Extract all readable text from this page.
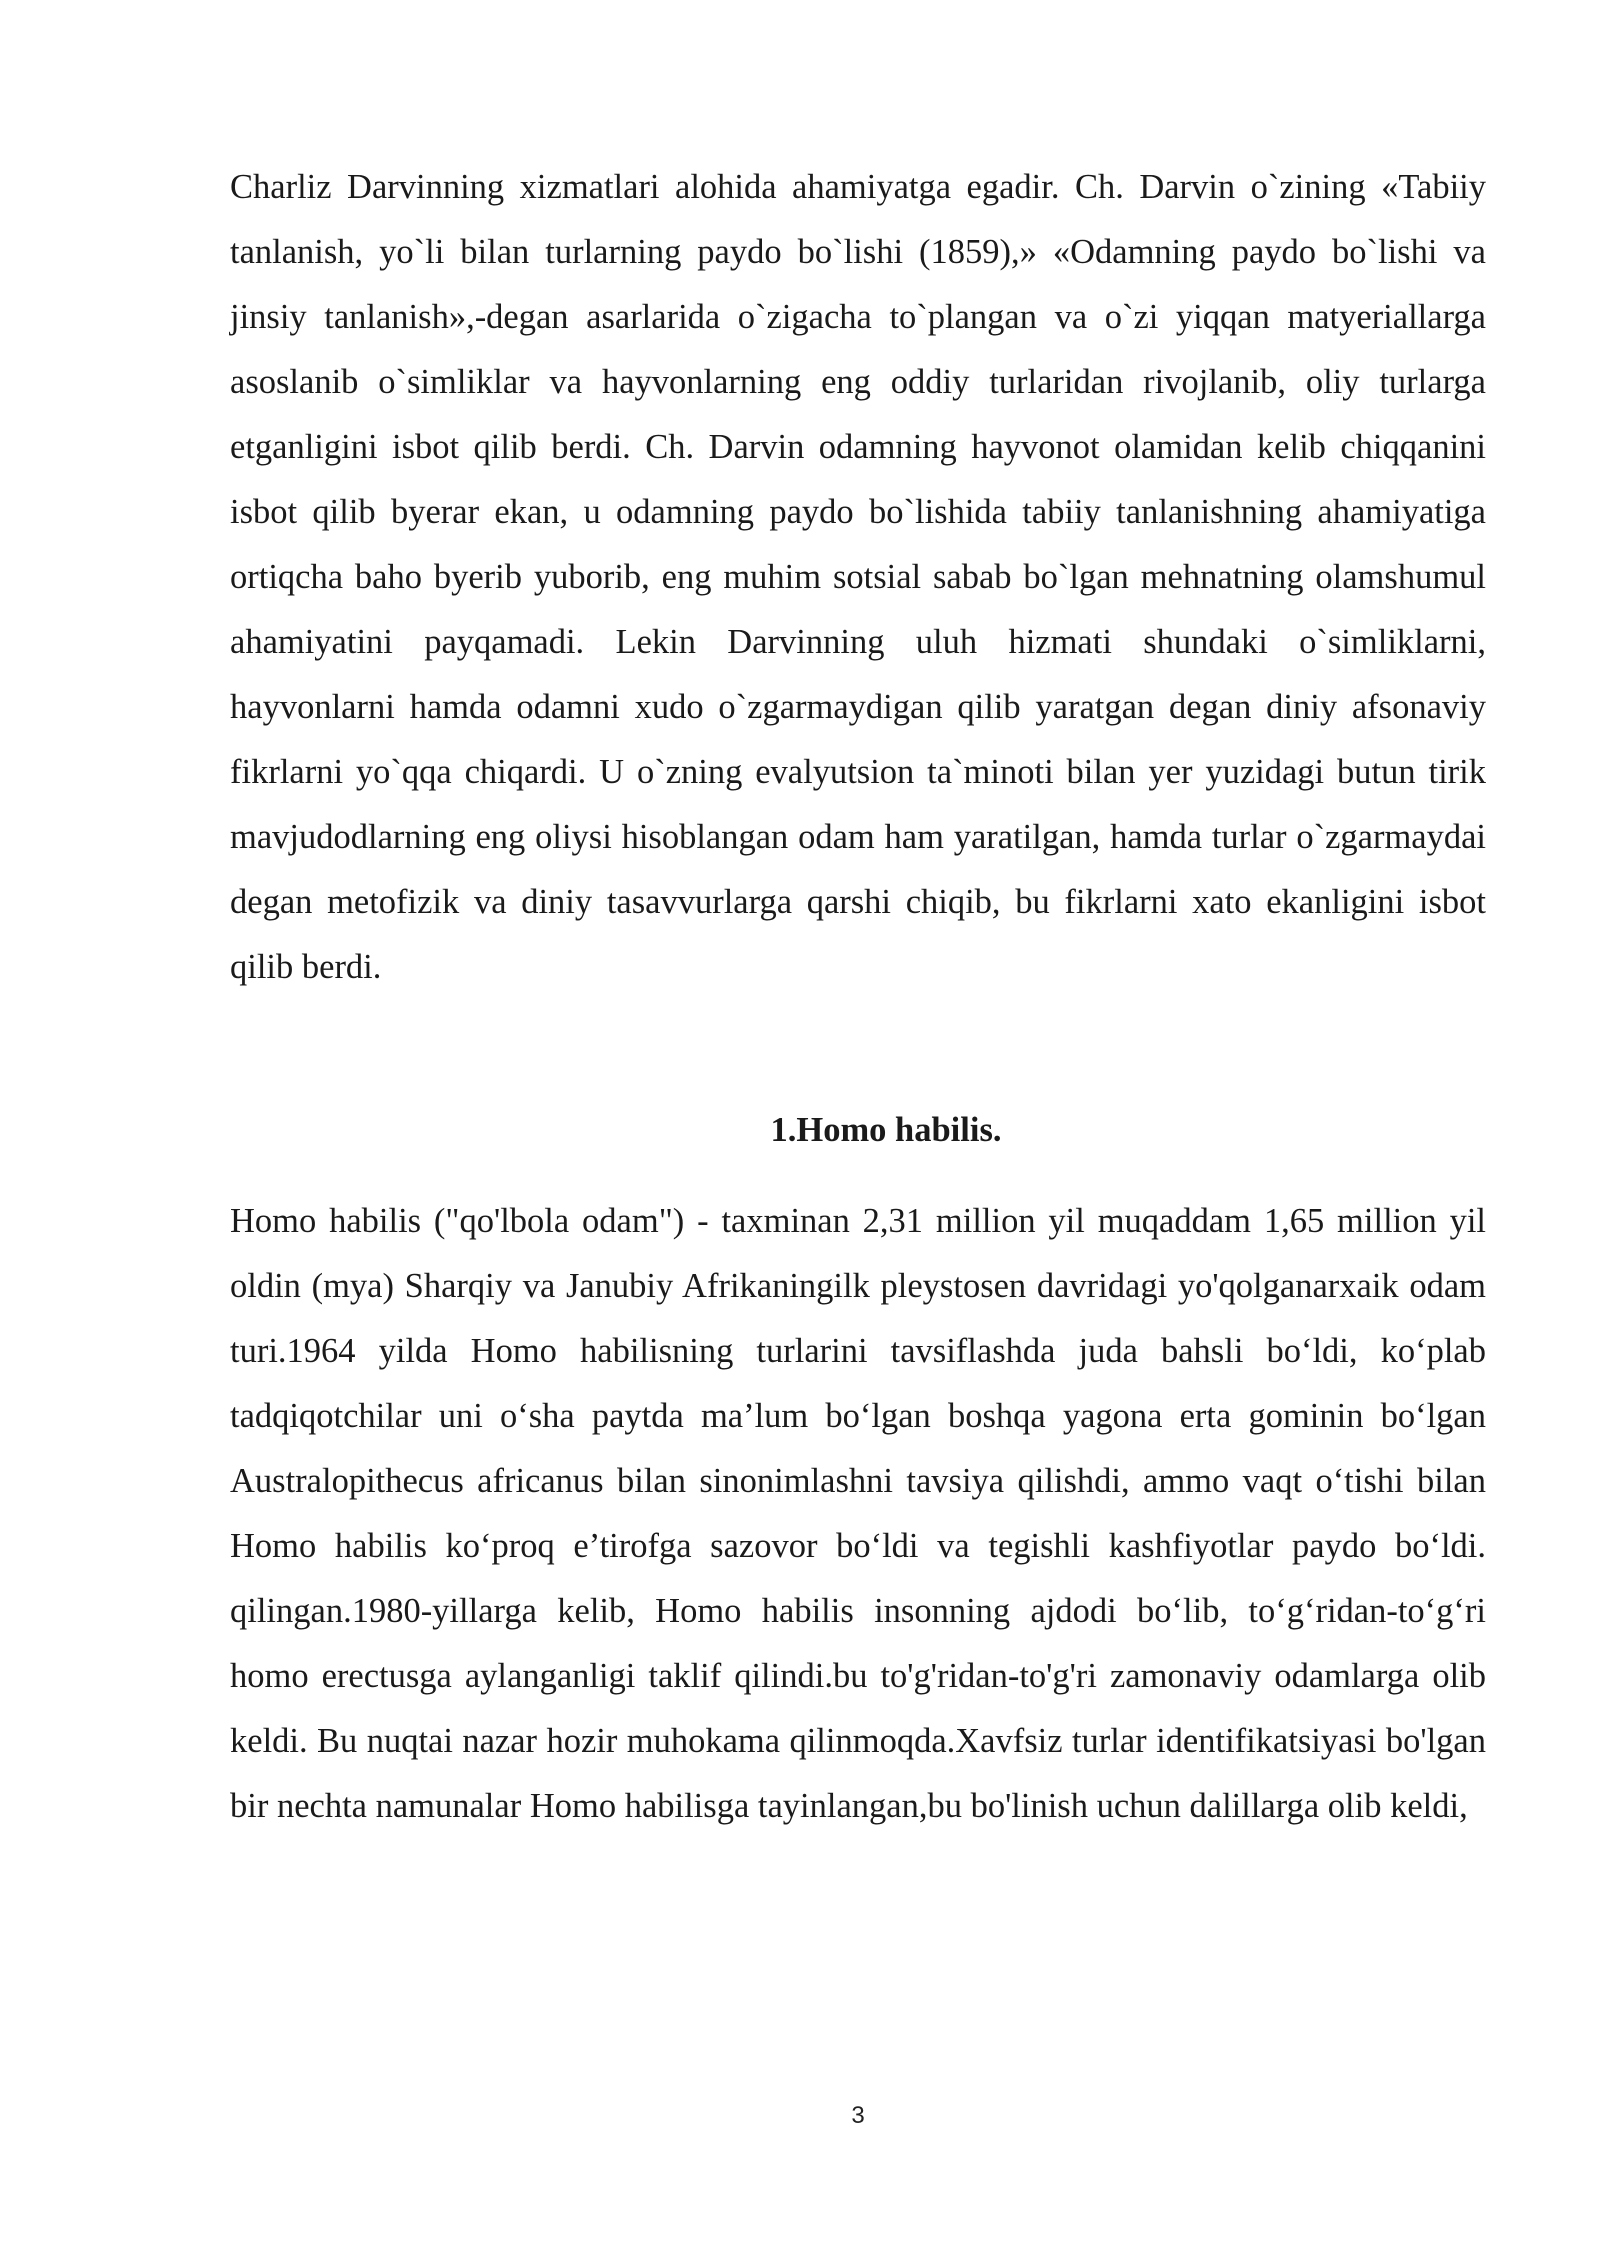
Charliz Darvinning xizmatlari alohida ahamiyatga egadir. Ch. Darvin o`zining «Tabiiy tanlanish, yo`li bilan turlarning paydo bo`lishi (1859),» «Odamning paydo bo`lishi va jinsiy tanlanish»,-degan asarlarida o`zigacha to`plangan va o`zi yiqqan matyeriallarga asoslanib o`simliklar va hayvonlarning eng oddiy turlaridan rivojlanib, oliy turlarga etganligini isbot qilib berdi. Ch. Darvin odamning hayvonot olamidan kelib chiqqanini isbot qilib byerar ekan, u odamning paydo bo`lishida tabiiy tanlanishning ahamiyatiga ortiqcha baho byerib yuborib, eng muhim sotsial sabab bo`lgan mehnatning olamshumul ahamiyatini payqamadi. Lekin Darvinning uluh hizmati shundaki o`simliklarni, hayvonlarni hamda odamni xudo o`zgarmaydigan qilib yaratgan degan diniy afsonaviy fikrlarni yo`qqa chiqardi. U o`zning evalyutsion ta`minoti bilan yer yuzidagi butun tirik mavjudodlarning eng oliysi hisoblangan odam ham yaratilgan, hamda turlar o`zgarmaydai degan metofizik va diniy tasavvurlarga qarshi chiqib, bu fikrlarni xato ekanligini isbot qilib berdi.

1.Homo habilis.

Homo habilis ("qo'lbola odam") - taxminan 2,31 million yil muqaddam 1,65 million yil oldin (mya) Sharqiy va Janubiy Afrikaningilk pleystosen davridagi yo'qolganarxaik odam turi.1964 yilda Homo habilisning turlarini tavsiflashda juda bahsli bo‘ldi, ko‘plab tadqiqotchilar uni o‘sha paytda ma’lum bo‘lgan boshqa yagona erta gominin bo‘lgan Australopithecus africanus bilan sinonimlashni tavsiya qilishdi, ammo vaqt o‘tishi bilan Homo habilis ko‘proq e’tirofga sazovor bo‘ldi va tegishli kashfiyotlar paydo bo‘ldi. qilingan.1980-yillarga kelib, Homo habilis insonning ajdodi bo‘lib, to‘g‘ridan-to‘g‘ri homo erectusga aylanganligi taklif qilindi.bu to'g'ridan-to'g'ri zamonaviy odamlarga olib keldi. Bu nuqtai nazar hozir muhokama qilinmoqda.Xavfsiz turlar identifikatsiyasi bo'lgan bir nechta namunalar Homo habilisga tayinlangan,bu bo'linish uchun dalillarga olib keldi,

3
